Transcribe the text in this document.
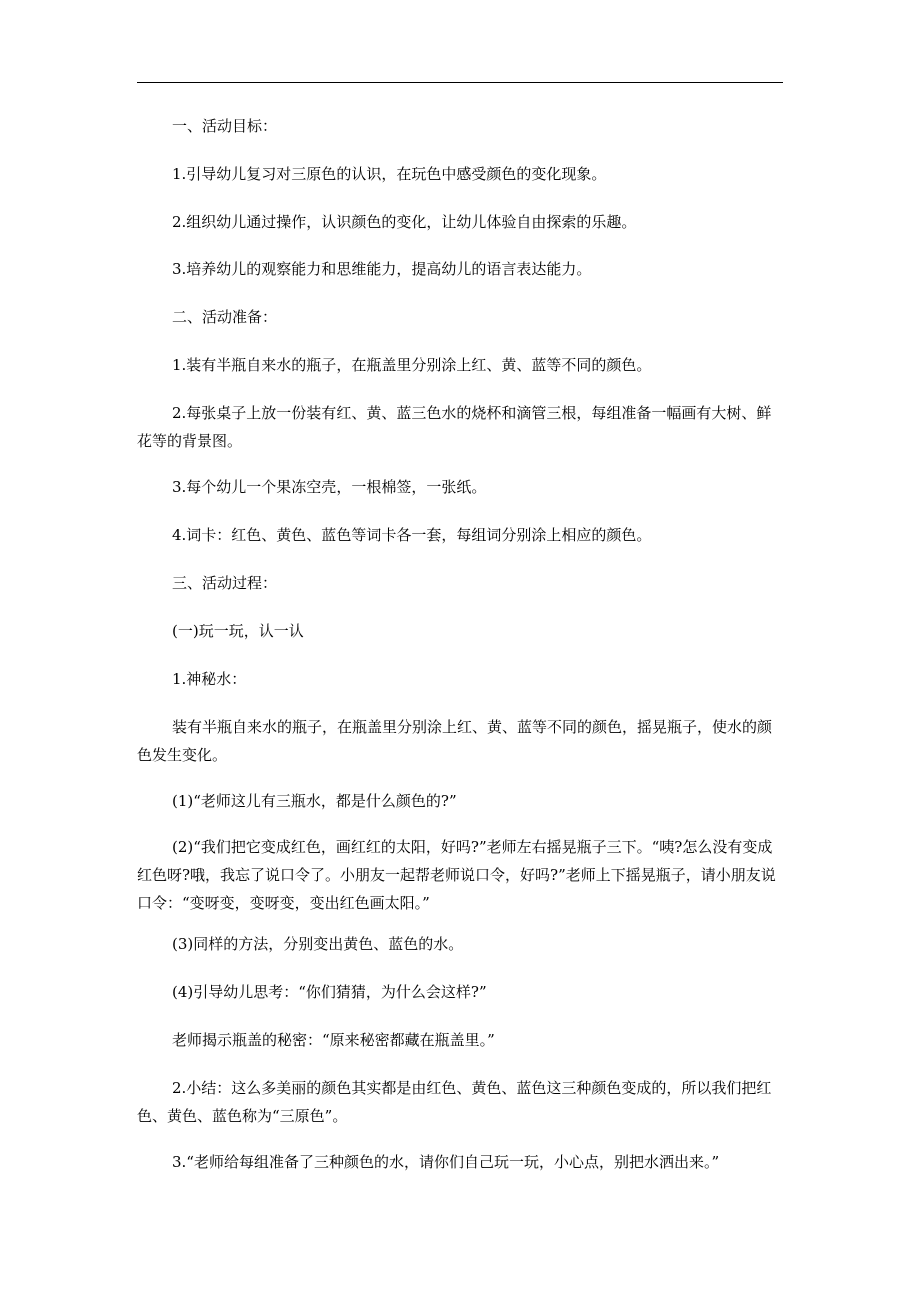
一、活动目标：

1.引导幼儿复习对三原色的认识，在玩色中感受颜色的变化现象。

2.组织幼儿通过操作，认识颜色的变化，让幼儿体验自由探索的乐趣。

3.培养幼儿的观察能力和思维能力，提高幼儿的语言表达能力。

二、活动准备：

1.装有半瓶自来水的瓶子，在瓶盖里分别涂上红、黄、蓝等不同的颜色。

2.每张桌子上放一份装有红、黄、蓝三色水的烧杯和滴管三根，每组准备一幅画有大树、鲜花等的背景图。

3.每个幼儿一个果冻空壳，一根棉签，一张纸。

4.词卡：红色、黄色、蓝色等词卡各一套，每组词分别涂上相应的颜色。

三、活动过程：

(一)玩一玩，认一认

1.神秘水：

装有半瓶自来水的瓶子，在瓶盖里分别涂上红、黄、蓝等不同的颜色，摇晃瓶子，使水的颜色发生变化。

(1)“老师这儿有三瓶水，都是什么颜色的?”

(2)“我们把它变成红色，画红红的太阳，好吗?”老师左右摇晃瓶子三下。“咦?怎么没有变成红色呀?哦，我忘了说口令了。小朋友一起帮老师说口令，好吗?”老师上下摇晃瓶子，请小朋友说口令：“变呀变，变呀变，变出红色画太阳。”

(3)同样的方法，分别变出黄色、蓝色的水。

(4)引导幼儿思考：“你们猜猜，为什么会这样?”

老师揭示瓶盖的秘密：“原来秘密都藏在瓶盖里。”

2.小结：这么多美丽的颜色其实都是由红色、黄色、蓝色这三种颜色变成的，所以我们把红色、黄色、蓝色称为“三原色”。

3.“老师给每组准备了三种颜色的水，请你们自己玩一玩，小心点，别把水洒出来。”
